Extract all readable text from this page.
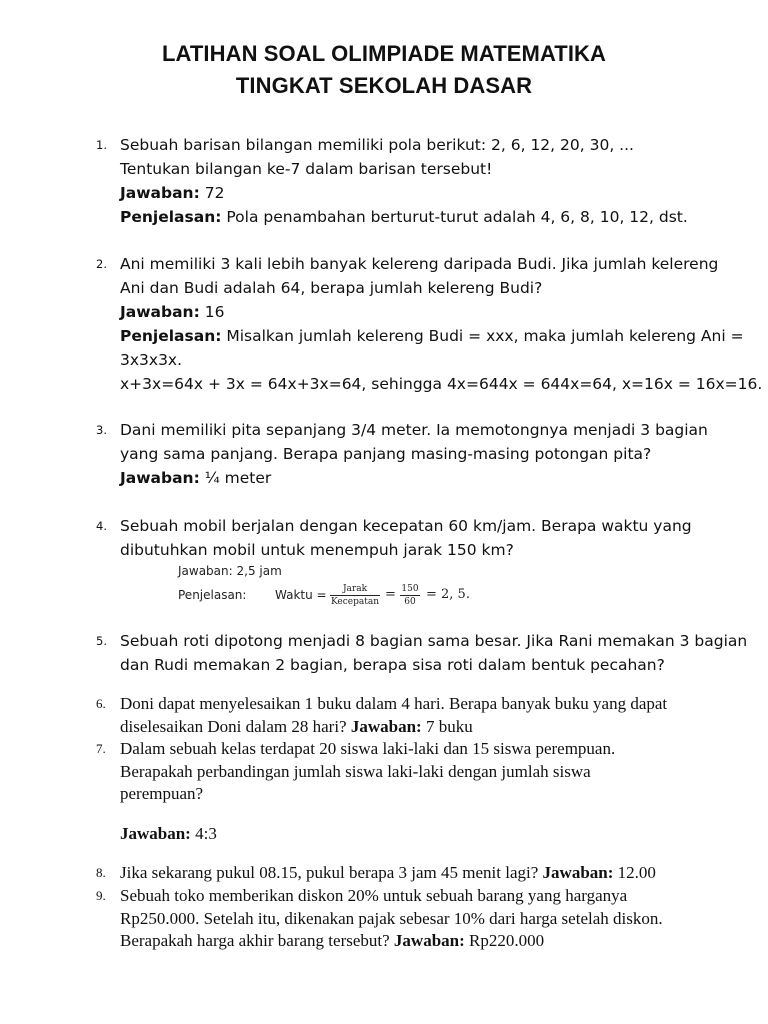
LATIHAN SOAL OLIMPIADE MATEMATIKA
TINGKAT SEKOLAH DASAR
1. Sebuah barisan bilangan memiliki pola berikut: 2, 6, 12, 20, 30, ...
Tentukan bilangan ke-7 dalam barisan tersebut!
Jawaban: 72
Penjelasan: Pola penambahan berturut-turut adalah 4, 6, 8, 10, 12, dst.
2. Ani memiliki 3 kali lebih banyak kelereng daripada Budi. Jika jumlah kelereng
Ani dan Budi adalah 64, berapa jumlah kelereng Budi?
Jawaban: 16
Penjelasan: Misalkan jumlah kelereng Budi = xxx, maka jumlah kelereng Ani =
3x3x3x.
x+3x=64x + 3x = 64x+3x=64, sehingga 4x=644x = 644x=64, x=16x = 16x=16.
3. Dani memiliki pita sepanjang 3/4 meter. Ia memotongnya menjadi 3 bagian
yang sama panjang. Berapa panjang masing-masing potongan pita?
Jawaban: ¼ meter
4. Sebuah mobil berjalan dengan kecepatan 60 km/jam. Berapa waktu yang
dibutuhkan mobil untuk menempuh jarak 150 km?
Jawaban: 2,5 jam
Penjelasan: Waktu =	Jarak
Kecepatan = 150
60 = 2, 5.
5. Sebuah roti dipotong menjadi 8 bagian sama besar. Jika Rani memakan 3 bagian
dan Rudi memakan 2 bagian, berapa sisa roti dalam bentuk pecahan?
6. Doni dapat menyelesaikan 1 buku dalam 4 hari. Berapa banyak buku yang dapat
diselesaikan Doni dalam 28 hari? Jawaban: 7 buku
7. Dalam sebuah kelas terdapat 20 siswa laki-laki dan 15 siswa perempuan.
Berapakah perbandingan jumlah siswa laki-laki dengan jumlah siswa
perempuan?
Jawaban: 4:3
8. Jika sekarang pukul 08.15, pukul berapa 3 jam 45 menit lagi? Jawaban: 12.00
9. Sebuah toko memberikan diskon 20% untuk sebuah barang yang harganya
Rp250.000. Setelah itu, dikenakan pajak sebesar 10% dari harga setelah diskon.
Berapakah harga akhir barang tersebut? Jawaban: Rp220.000
